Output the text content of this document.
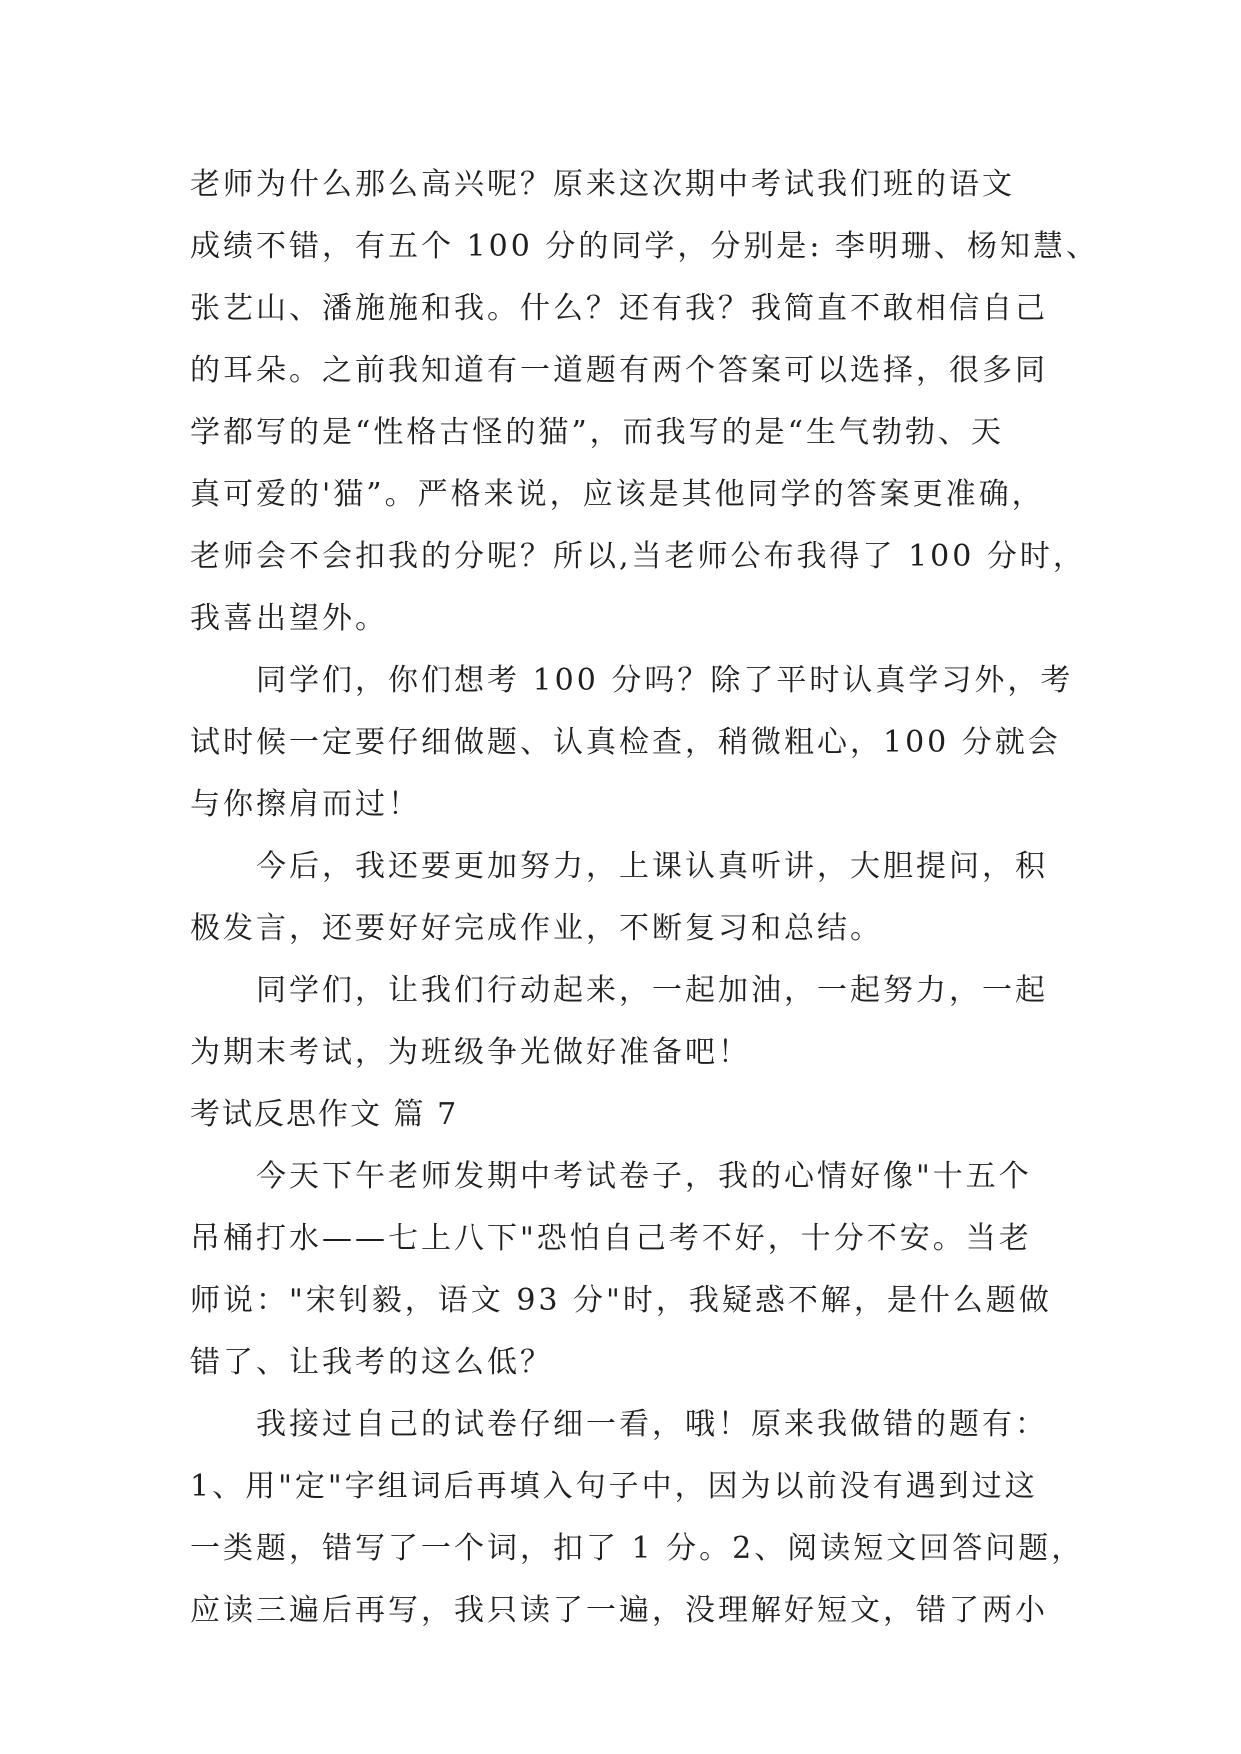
老师为什么那么高兴呢？原来这次期中考试我们班的语文
成绩不错，有五个 100 分的同学，分别是: 李明珊、杨知慧、
张艺山、潘施施和我。什么？还有我？我简直不敢相信自己
的耳朵。之前我知道有一道题有两个答案可以选择，很多同
学都写的是“性格古怪的猫”，而我写的是“生气勃勃、天
真可爱的'猫”。严格来说，应该是其他同学的答案更准确，
老师会不会扣我的分呢？所以,当老师公布我得了 100 分时，
我喜出望外。
同学们，你们想考 100 分吗？除了平时认真学习外，考
试时候一定要仔细做题、认真检查，稍微粗心，100 分就会
与你擦肩而过！
今后，我还要更加努力，上课认真听讲，大胆提问，积
极发言，还要好好完成作业，不断复习和总结。
同学们，让我们行动起来，一起加油，一起努力，一起
为期末考试，为班级争光做好准备吧！
考试反思作文 篇 7
今天下午老师发期中考试卷子，我的心情好像"十五个
吊桶打水——七上八下"恐怕自己考不好，十分不安。当老
师说："宋钊毅，语文 93 分"时，我疑惑不解，是什么题做
错了、让我考的这么低？
我接过自己的试卷仔细一看，哦！原来我做错的题有：
1、用"定"字组词后再填入句子中，因为以前没有遇到过这
一类题，错写了一个词，扣了 1 分。2、阅读短文回答问题，
应读三遍后再写，我只读了一遍，没理解好短文，错了两小
